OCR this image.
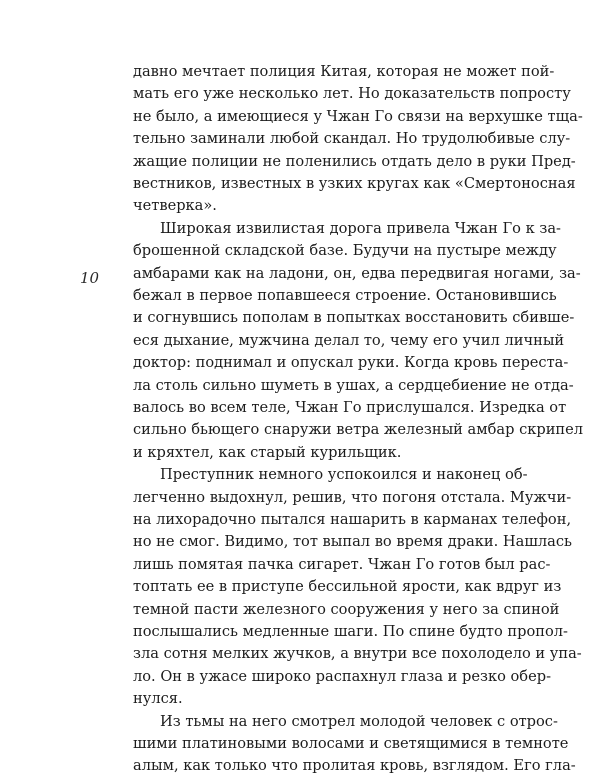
10
давно мечтает полиция Китая, которая не может пой-
мать его уже несколько лет. Но доказательств попросту
не было, а имеющиеся у Чжан Го связи на верхушке тща-
тельно заминали любой скандал. Но трудолюбивые слу-
жащие полиции не поленились отдать дело в руки Пред-
вестников, известных в узких кругах как «Смертоносная
четверка».
Широкая извилистая дорога привела Чжан Го к за-
брошенной складской базе. Будучи на пустыре между
амбарами как на ладони, он, едва передвигая ногами, за-
бежал в первое попавшееся строение. Остановившись
и согнувшись пополам в попытках восстановить сбивше-
еся дыхание, мужчина делал то, чему его учил личный
доктор: поднимал и опускал руки. Когда кровь переста-
ла столь сильно шуметь в ушах, а сердцебиение не отда-
валось во всем теле, Чжан Го прислушался. Изредка от
сильно бьющего снаружи ветра железный амбар скрипел
и кряхтел, как старый курильщик.
Преступник немного успокоился и наконец об-
легченно выдохнул, решив, что погоня отстала. Мужчи-
на лихорадочно пытался нашарить в карманах телефон,
но не смог. Видимо, тот выпал во время драки. Нашлась
лишь помятая пачка сигарет. Чжан Го готов был рас-
топтать ее в приступе бессильной ярости, как вдруг из
темной пасти железного сооружения у него за спиной
послышались медленные шаги. По спине будто пропол-
зла сотня мелких жучков, а внутри все похолодело и упа-
ло. Он в ужасе широко распахнул глаза и резко обер-
нулся.
Из тьмы на него смотрел молодой человек с отрос-
шими платиновыми волосами и светящимися в темноте
алым, как только что пролитая кровь, взглядом. Его гла-
